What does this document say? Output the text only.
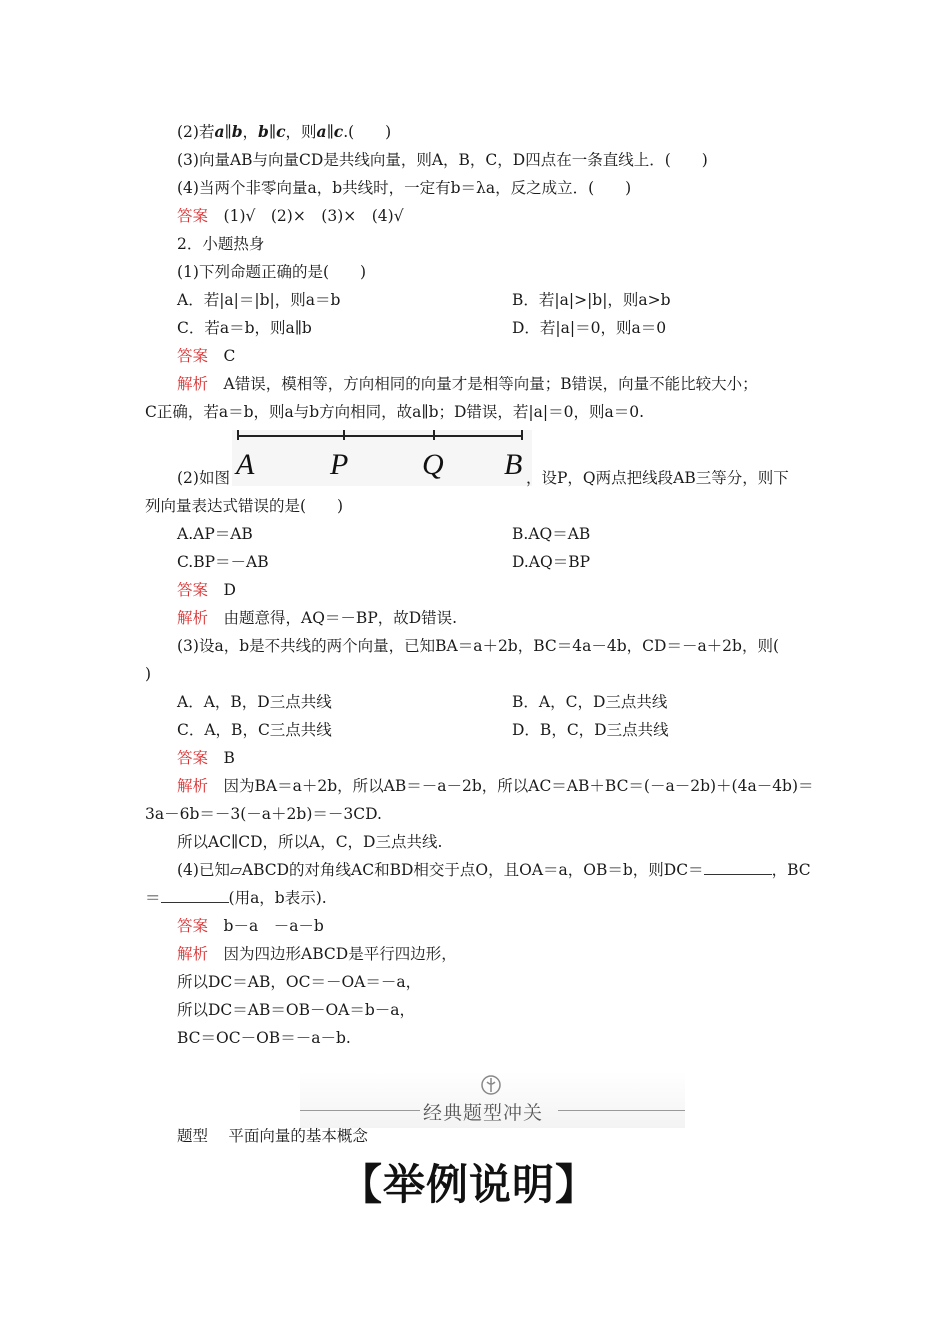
(2)若a∥b，b∥c，则a∥c.(　　)
(3)向量AB与向量CD是共线向量，则A，B，C，D四点在一条直线上．(　　)
(4)当两个非零向量a，b共线时，一定有b＝λa，反之成立．(　　)
答案　 (1)√　(2)×　(3)×　(4)√
2．小题热身
(1)下列命题正确的是(　　)
A．若|a|＝|b|，则a＝b	B．若|a|>|b|，则a>b
C．若a＝b，则a∥b	D．若|a|＝0，则a＝0
答案　 C
解析　 A错误，模相等，方向相同的向量才是相等向量；B错误，向量不能比较大小；
C正确，若a＝b，则a与b方向相同，故a∥b；D错误，若|a|＝0，则a＝0.
A	P Q B
(2)如图	，设P，Q两点把线段AB三等分，则下
列向量表达式错误的是(　　)
A.AP＝AB	B.AQ＝AB
C.BP＝－AB	D.AQ＝BP
答案　 D
解析　 由题意得，AQ＝－BP，故D错误.
(3)设a，b是不共线的两个向量，已知BA＝a＋2b，BC＝4a－4b，CD＝－a＋2b，则(
)
A．A，B，D三点共线	B．A，C，D三点共线
C．A，B，C三点共线	D．B，C，D三点共线
答案　 B
解析　 因为BA＝a＋2b，所以AB＝－a－2b，所以AC＝AB＋BC＝(－a－2b)＋(4a－4b)＝
3a－6b＝－3(－a＋2b)＝－3CD.
所以AC∥CD，所以A，C，D三点共线.
(4)已知▱ABCD的对角线AC和BD相交于点O，且OA＝a，OB＝b，则DC＝	，BC
＝	(用a，b表示).
答案　 b－a　－a－b
解析　 因为四边形ABCD是平行四边形，
所以DC＝AB，OC＝－OA＝－a，
所以DC＝AB＝OB－OA＝b－a，
BC＝OC－OB＝－a－b.
经典题型冲关
题型　 平面向量的基本概念
【举例说明】
